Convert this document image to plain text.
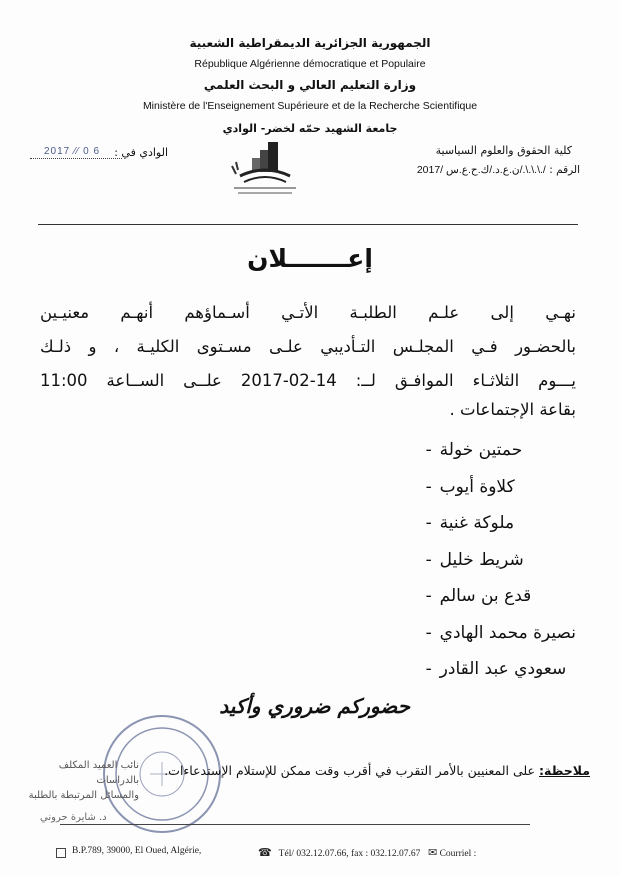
الجمهورية الجزائرية الديمقراطية الشعبية
République Algérienne démocratique et Populaire
وزارة التعليم العالي و البحث العلمي
Ministère de l'Enseignement Supérieure et de la Recherche Scientifique
جامعة الشهيد حمّه لخضر- الوادي
كلية الحقوق والعلوم السياسية
الرقم : /.\.\.\./ن.ع.د./ك.ح.ع.س /2017
الوادي في :
2017 ⁄⁄ 0 6
إعـــــــلان
نهـي إلى علـم الطلبـة الأتـي أسـماؤهم أنهـم معنيـين
بالحضـور فـي المجلـس التـأديبي علـى مسـتوى الكليـة ، و ذلـك
يـــوم الثلاثـاء الموافـق لــ: 14-02-2017 علــى الســاعة 11:00
بقاعة الإجتماعات .
- حمتين خولة
- كلاوة أيوب
- ملوكة غنية
- شريط خليل
- قدع بن سالم
- نصيرة محمد الهادي
- سعودي عبد القادر
حضوركم ضروري وأكيد
نائب العميد المكلف بالدراسات
والمسائل المرتبطة بالطلبة
د. شايرة حروني
ملاحظة: على المعنيين بالأمر التقرب في أقرب وقت ممكن للإستلام الإستدعاءات.
B.P.789, 39000, El Oued, Algérie,	☎ Tél/ 032.12.07.66, fax : 032.12.07.67 ✉ Courriel :
